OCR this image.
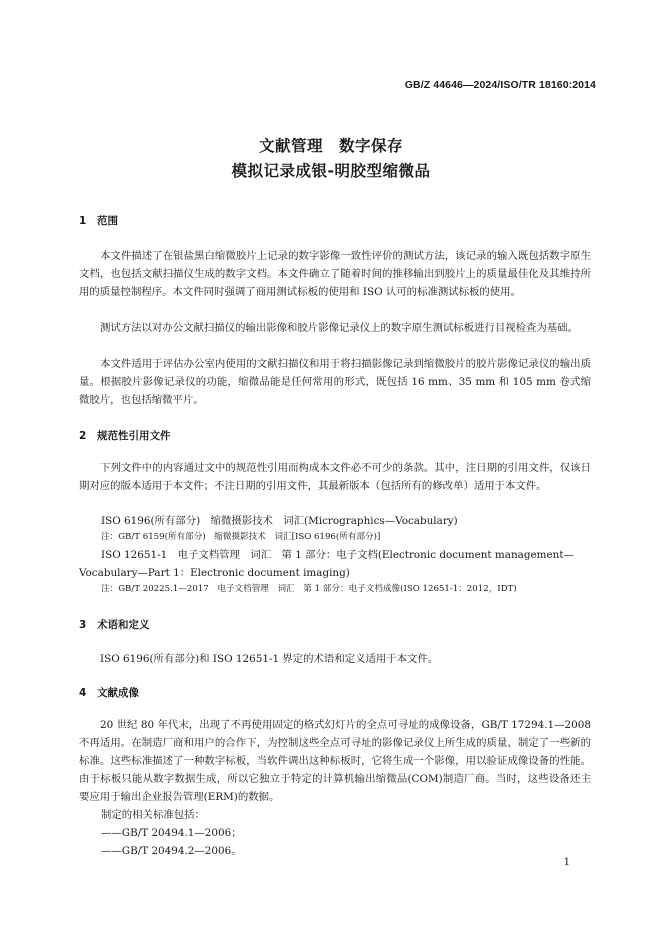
GB/Z 44646—2024/ISO/TR 18160:2014
文献管理　数字保存
模拟记录成银-明胶型缩微品
1 范围

本文件描述了在银盐黑白缩微胶片上记录的数字影像一致性评价的测试方法，该记录的输入既包括数字原生文档，也包括文献扫描仪生成的数字文档。本文件确立了随着时间的推移输出到胶片上的质量最佳化及其维持所用的质量控制程序。本文件同时强调了商用测试标板的使用和 ISO 认可的标准测试标板的使用。

测试方法以对办公文献扫描仪的输出影像和胶片影像记录仪上的数字原生测试标板进行目视检查为基础。

本文件适用于评估办公室内使用的文献扫描仪和用于将扫描影像记录到缩微胶片的胶片影像记录仪的输出质量。根据胶片影像记录仪的功能，缩微品能是任何常用的形式，既包括 16 mm、35 mm 和 105 mm 卷式缩微胶片，也包括缩微平片。

2 规范性引用文件

下列文件中的内容通过文中的规范性引用而构成本文件必不可少的条款。其中，注日期的引用文件，仅该日期对应的版本适用于本文件；不注日期的引用文件，其最新版本（包括所有的修改单）适用于本文件。

ISO 6196(所有部分)　缩微摄影技术　词汇(Micrographics—Vocabulary)
注：GB/T 6159(所有部分)　缩微摄影技术　词汇[ISO 6196(所有部分)]
ISO 12651-1　电子文档管理　词汇　第 1 部分：电子文档(Electronic document management—
Vocabulary—Part 1：Electronic document imaging)
注：GB/T 20225.1—2017　电子文档管理　词汇　第 1 部分：电子文档成像(ISO 12651-1：2012，IDT)
3 术语和定义

ISO 6196(所有部分)和 ISO 12651-1 界定的术语和定义适用于本文件。

4 文献成像

20 世纪 80 年代末，出现了不再使用固定的格式幻灯片的全点可寻址的成像设备，GB/T 17294.1—2008 不再适用。在制造厂商和用户的合作下，为控制这些全点可寻址的影像记录仪上所生成的质量，制定了一些新的标准。这些标准描述了一种数字标板，当软件调出这种标板时，它将生成一个影像，用以验证成像设备的性能。由于标板只能从数字数据生成，所以它独立于特定的计算机输出缩微品(COM)制造厂商。当时，这些设备还主要应用于输出企业报告管理(ERM)的数据。

制定的相关标准包括：
——GB/T 20494.1—2006；
——GB/T 20494.2—2006。
1
